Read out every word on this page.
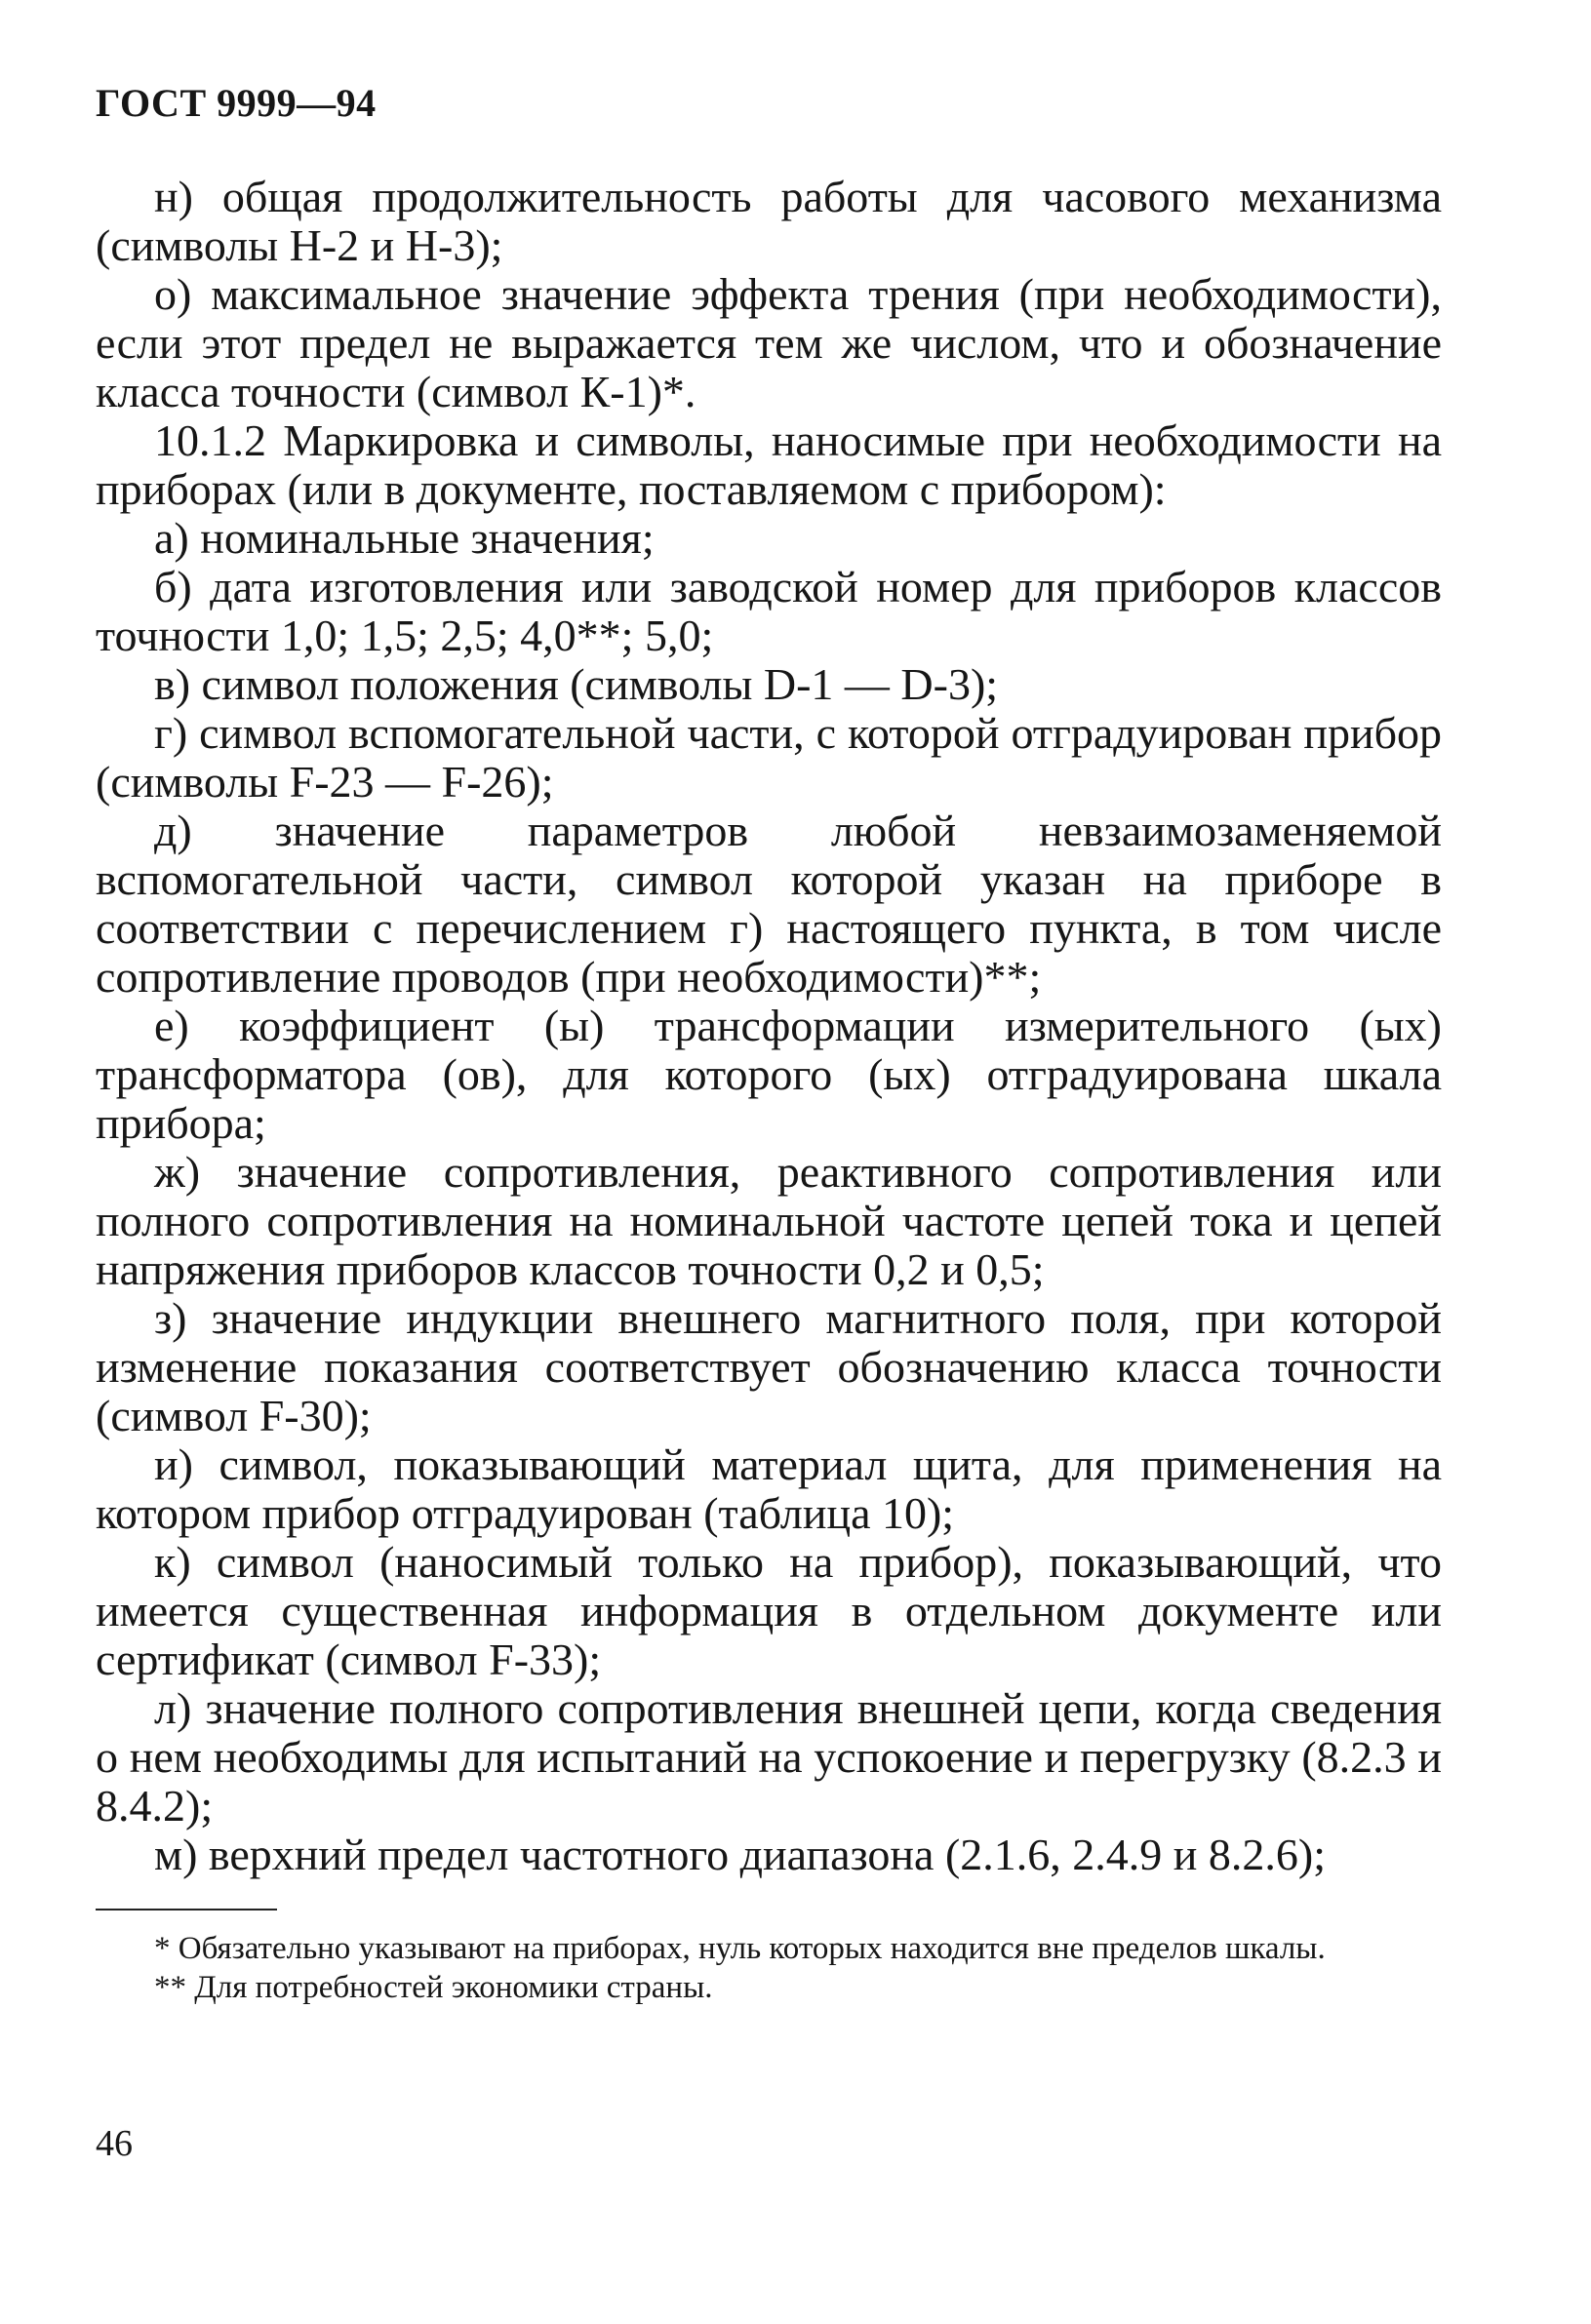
ГОСТ 9999—94

н) общая продолжительность работы для часового механизма (символы Н-2 и Н-3);

о) максимальное значение эффекта трения (при необходимости), если этот предел не выражается тем же числом, что и обозначение класса точности (символ К-1)*.

10.1.2 Маркировка и символы, наносимые при необходимости на приборах (или в документе, поставляемом с прибором):

а) номинальные значения;

б) дата изготовления или заводской номер для приборов классов точности 1,0; 1,5; 2,5; 4,0**; 5,0;

в) символ положения (символы D-1 — D-3);

г) символ вспомогательной части, с которой отградуирован прибор (символы F-23 — F-26);

д) значение параметров любой невзаимозаменяемой вспомогательной части, символ которой указан на приборе в соответствии с перечислением г) настоящего пункта, в том числе сопротивление проводов (при необходимости)**;

е) коэффициент (ы) трансформации измерительного (ых) трансформатора (ов), для которого (ых) отградуирована шкала прибора;

ж) значение сопротивления, реактивного сопротивления или полного сопротивления на номинальной частоте цепей тока и цепей напряжения приборов классов точности 0,2 и 0,5;

з) значение индукции внешнего магнитного поля, при которой изменение показания соответствует обозначению класса точности (символ F-30);

и) символ, показывающий материал щита, для применения на котором прибор отградуирован (таблица 10);

к) символ (наносимый только на прибор), показывающий, что имеется существенная информация в отдельном документе или сертификат (символ F-33);

л) значение полного сопротивления внешней цепи, когда сведения о нем необходимы для испытаний на успокоение и перегрузку (8.2.3 и 8.4.2);

м) верхний предел частотного диапазона (2.1.6, 2.4.9 и 8.2.6);

* Обязательно указывают на приборах, нуль которых находится вне пределов шкалы.

** Для потребностей экономики страны.

46
